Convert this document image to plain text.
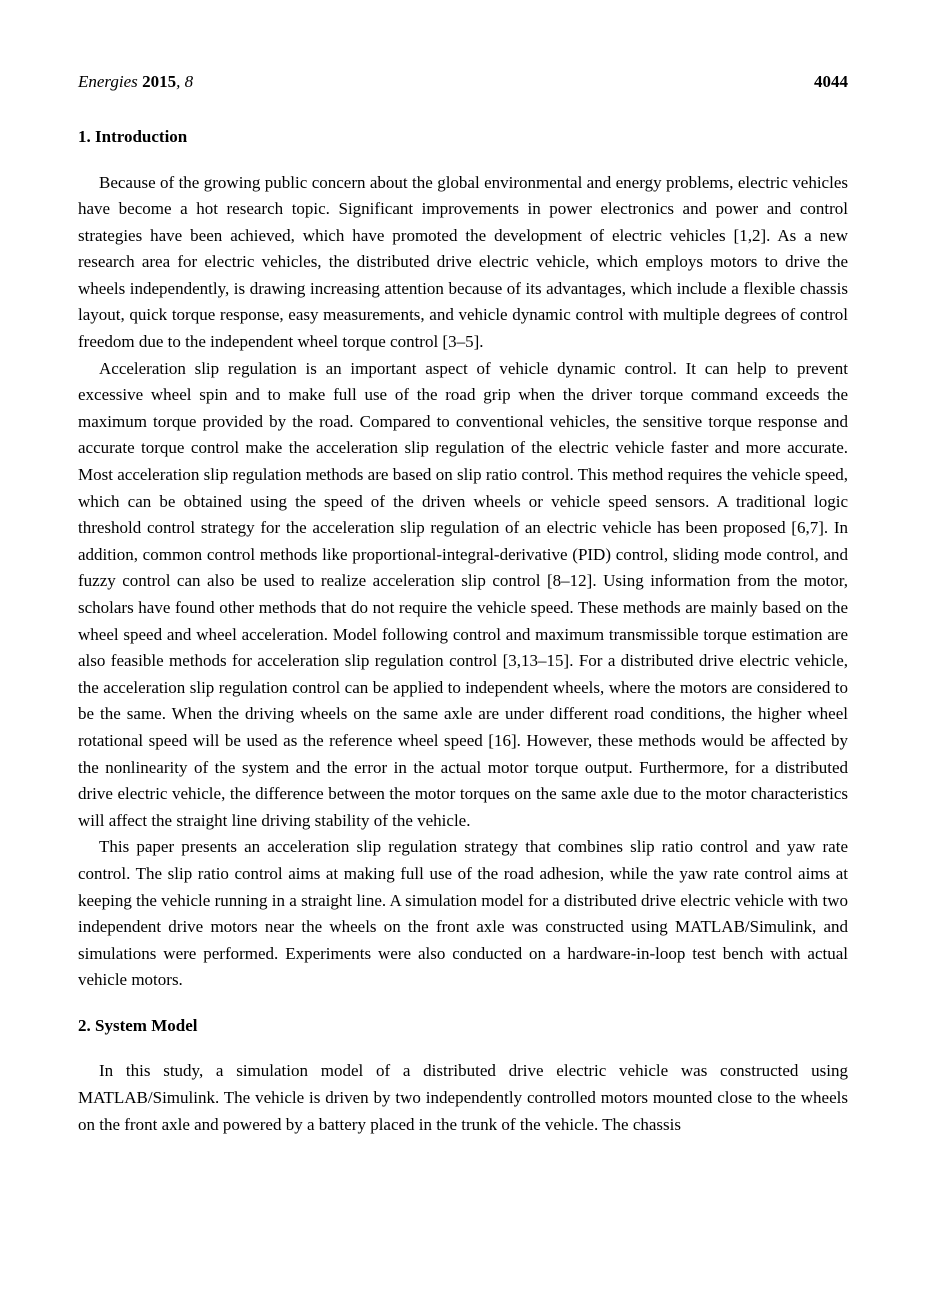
Energies 2015, 8	4044
1. Introduction

Because of the growing public concern about the global environmental and energy problems, electric vehicles have become a hot research topic. Significant improvements in power electronics and power and control strategies have been achieved, which have promoted the development of electric vehicles [1,2]. As a new research area for electric vehicles, the distributed drive electric vehicle, which employs motors to drive the wheels independently, is drawing increasing attention because of its advantages, which include a flexible chassis layout, quick torque response, easy measurements, and vehicle dynamic control with multiple degrees of control freedom due to the independent wheel torque control [3–5].

Acceleration slip regulation is an important aspect of vehicle dynamic control. It can help to prevent excessive wheel spin and to make full use of the road grip when the driver torque command exceeds the maximum torque provided by the road. Compared to conventional vehicles, the sensitive torque response and accurate torque control make the acceleration slip regulation of the electric vehicle faster and more accurate. Most acceleration slip regulation methods are based on slip ratio control. This method requires the vehicle speed, which can be obtained using the speed of the driven wheels or vehicle speed sensors. A traditional logic threshold control strategy for the acceleration slip regulation of an electric vehicle has been proposed [6,7]. In addition, common control methods like proportional-integral-derivative (PID) control, sliding mode control, and fuzzy control can also be used to realize acceleration slip control [8–12]. Using information from the motor, scholars have found other methods that do not require the vehicle speed. These methods are mainly based on the wheel speed and wheel acceleration. Model following control and maximum transmissible torque estimation are also feasible methods for acceleration slip regulation control [3,13–15]. For a distributed drive electric vehicle, the acceleration slip regulation control can be applied to independent wheels, where the motors are considered to be the same. When the driving wheels on the same axle are under different road conditions, the higher wheel rotational speed will be used as the reference wheel speed [16]. However, these methods would be affected by the nonlinearity of the system and the error in the actual motor torque output. Furthermore, for a distributed drive electric vehicle, the difference between the motor torques on the same axle due to the motor characteristics will affect the straight line driving stability of the vehicle.

This paper presents an acceleration slip regulation strategy that combines slip ratio control and yaw rate control. The slip ratio control aims at making full use of the road adhesion, while the yaw rate control aims at keeping the vehicle running in a straight line. A simulation model for a distributed drive electric vehicle with two independent drive motors near the wheels on the front axle was constructed using MATLAB/Simulink, and simulations were performed. Experiments were also conducted on a hardware-in-loop test bench with actual vehicle motors.

2. System Model

In this study, a simulation model of a distributed drive electric vehicle was constructed using MATLAB/Simulink. The vehicle is driven by two independently controlled motors mounted close to the wheels on the front axle and powered by a battery placed in the trunk of the vehicle. The chassis
